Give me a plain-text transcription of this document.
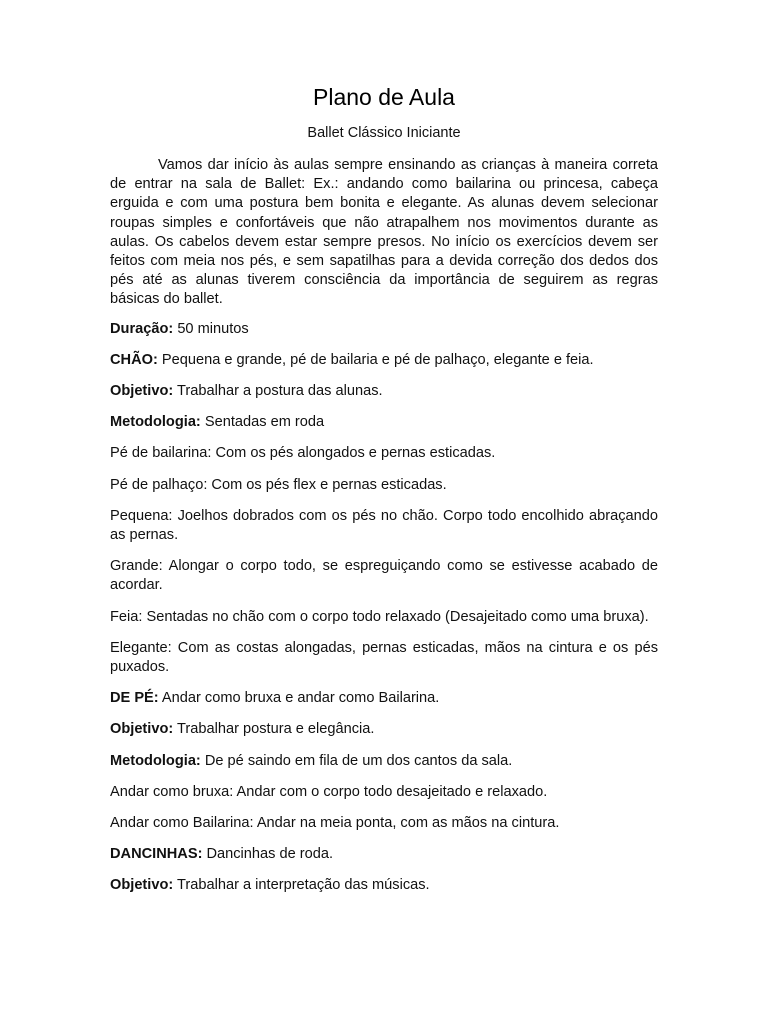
Plano de Aula
Ballet Clássico Iniciante

Vamos dar início às aulas sempre ensinando as crianças à maneira correta de entrar na sala de Ballet: Ex.: andando como bailarina ou princesa, cabeça erguida e com uma postura bem bonita e elegante. As alunas devem selecionar roupas simples e confortáveis que não atrapalhem nos movimentos durante as aulas. Os cabelos devem estar sempre presos. No início os exercícios devem ser feitos com meia nos pés, e sem sapatilhas para a devida correção dos dedos dos pés até as alunas tiverem consciência da importância de seguirem as regras básicas do ballet.

Duração: 50 minutos

CHÃO: Pequena e grande, pé de bailaria e pé de palhaço, elegante e feia.

Objetivo: Trabalhar a postura das alunas.

Metodologia: Sentadas em roda

Pé de bailarina: Com os pés alongados e pernas esticadas.

Pé de palhaço: Com os pés flex e pernas esticadas.

Pequena: Joelhos dobrados com os pés no chão. Corpo todo encolhido abraçando as pernas.

Grande: Alongar o corpo todo, se espreguiçando como se estivesse acabado de acordar.

Feia: Sentadas no chão com o corpo todo relaxado (Desajeitado como uma bruxa).

Elegante: Com as costas alongadas, pernas esticadas, mãos na cintura e os pés puxados.

DE PÉ: Andar como bruxa e andar como Bailarina.

Objetivo: Trabalhar postura e elegância.

Metodologia: De pé saindo em fila de um dos cantos da sala.

Andar como bruxa: Andar com o corpo todo desajeitado e relaxado.

Andar como Bailarina: Andar na meia ponta, com as mãos na cintura.

DANCINHAS: Dancinhas de roda.

Objetivo: Trabalhar a interpretação das músicas.
